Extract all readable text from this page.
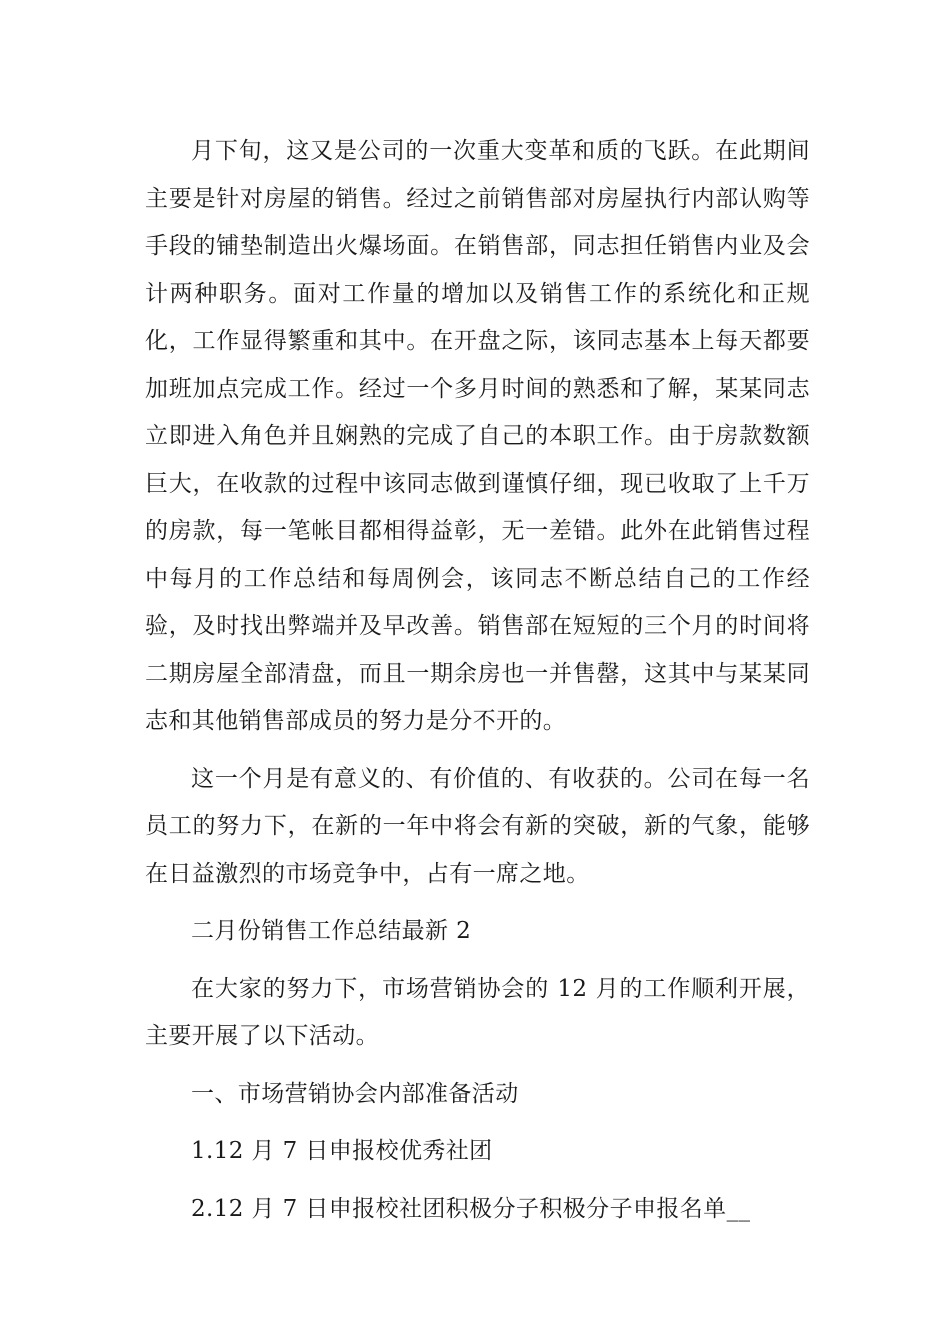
月下旬，这又是公司的一次重大变革和质的飞跃。在此期间主要是针对房屋的销售。经过之前销售部对房屋执行内部认购等手段的铺垫制造出火爆场面。在销售部，同志担任销售内业及会计两种职务。面对工作量的增加以及销售工作的系统化和正规化，工作显得繁重和其中。在开盘之际，该同志基本上每天都要加班加点完成工作。经过一个多月时间的熟悉和了解，某某同志立即进入角色并且娴熟的完成了自己的本职工作。由于房款数额巨大，在收款的过程中该同志做到谨慎仔细，现已收取了上千万的房款，每一笔帐目都相得益彰，无一差错。此外在此销售过程中每月的工作总结和每周例会，该同志不断总结自己的工作经验，及时找出弊端并及早改善。销售部在短短的三个月的时间将二期房屋全部清盘，而且一期余房也一并售罄，这其中与某某同志和其他销售部成员的努力是分不开的。

这一个月是有意义的、有价值的、有收获的。公司在每一名员工的努力下，在新的一年中将会有新的突破，新的气象，能够在日益激烈的市场竞争中，占有一席之地。

二月份销售工作总结最新 2

在大家的努力下，市场营销协会的 12 月的工作顺利开展，主要开展了以下活动。

一、市场营销协会内部准备活动

1.12 月 7 日申报校优秀社团

2.12 月 7 日申报校社团积极分子积极分子申报名单__
